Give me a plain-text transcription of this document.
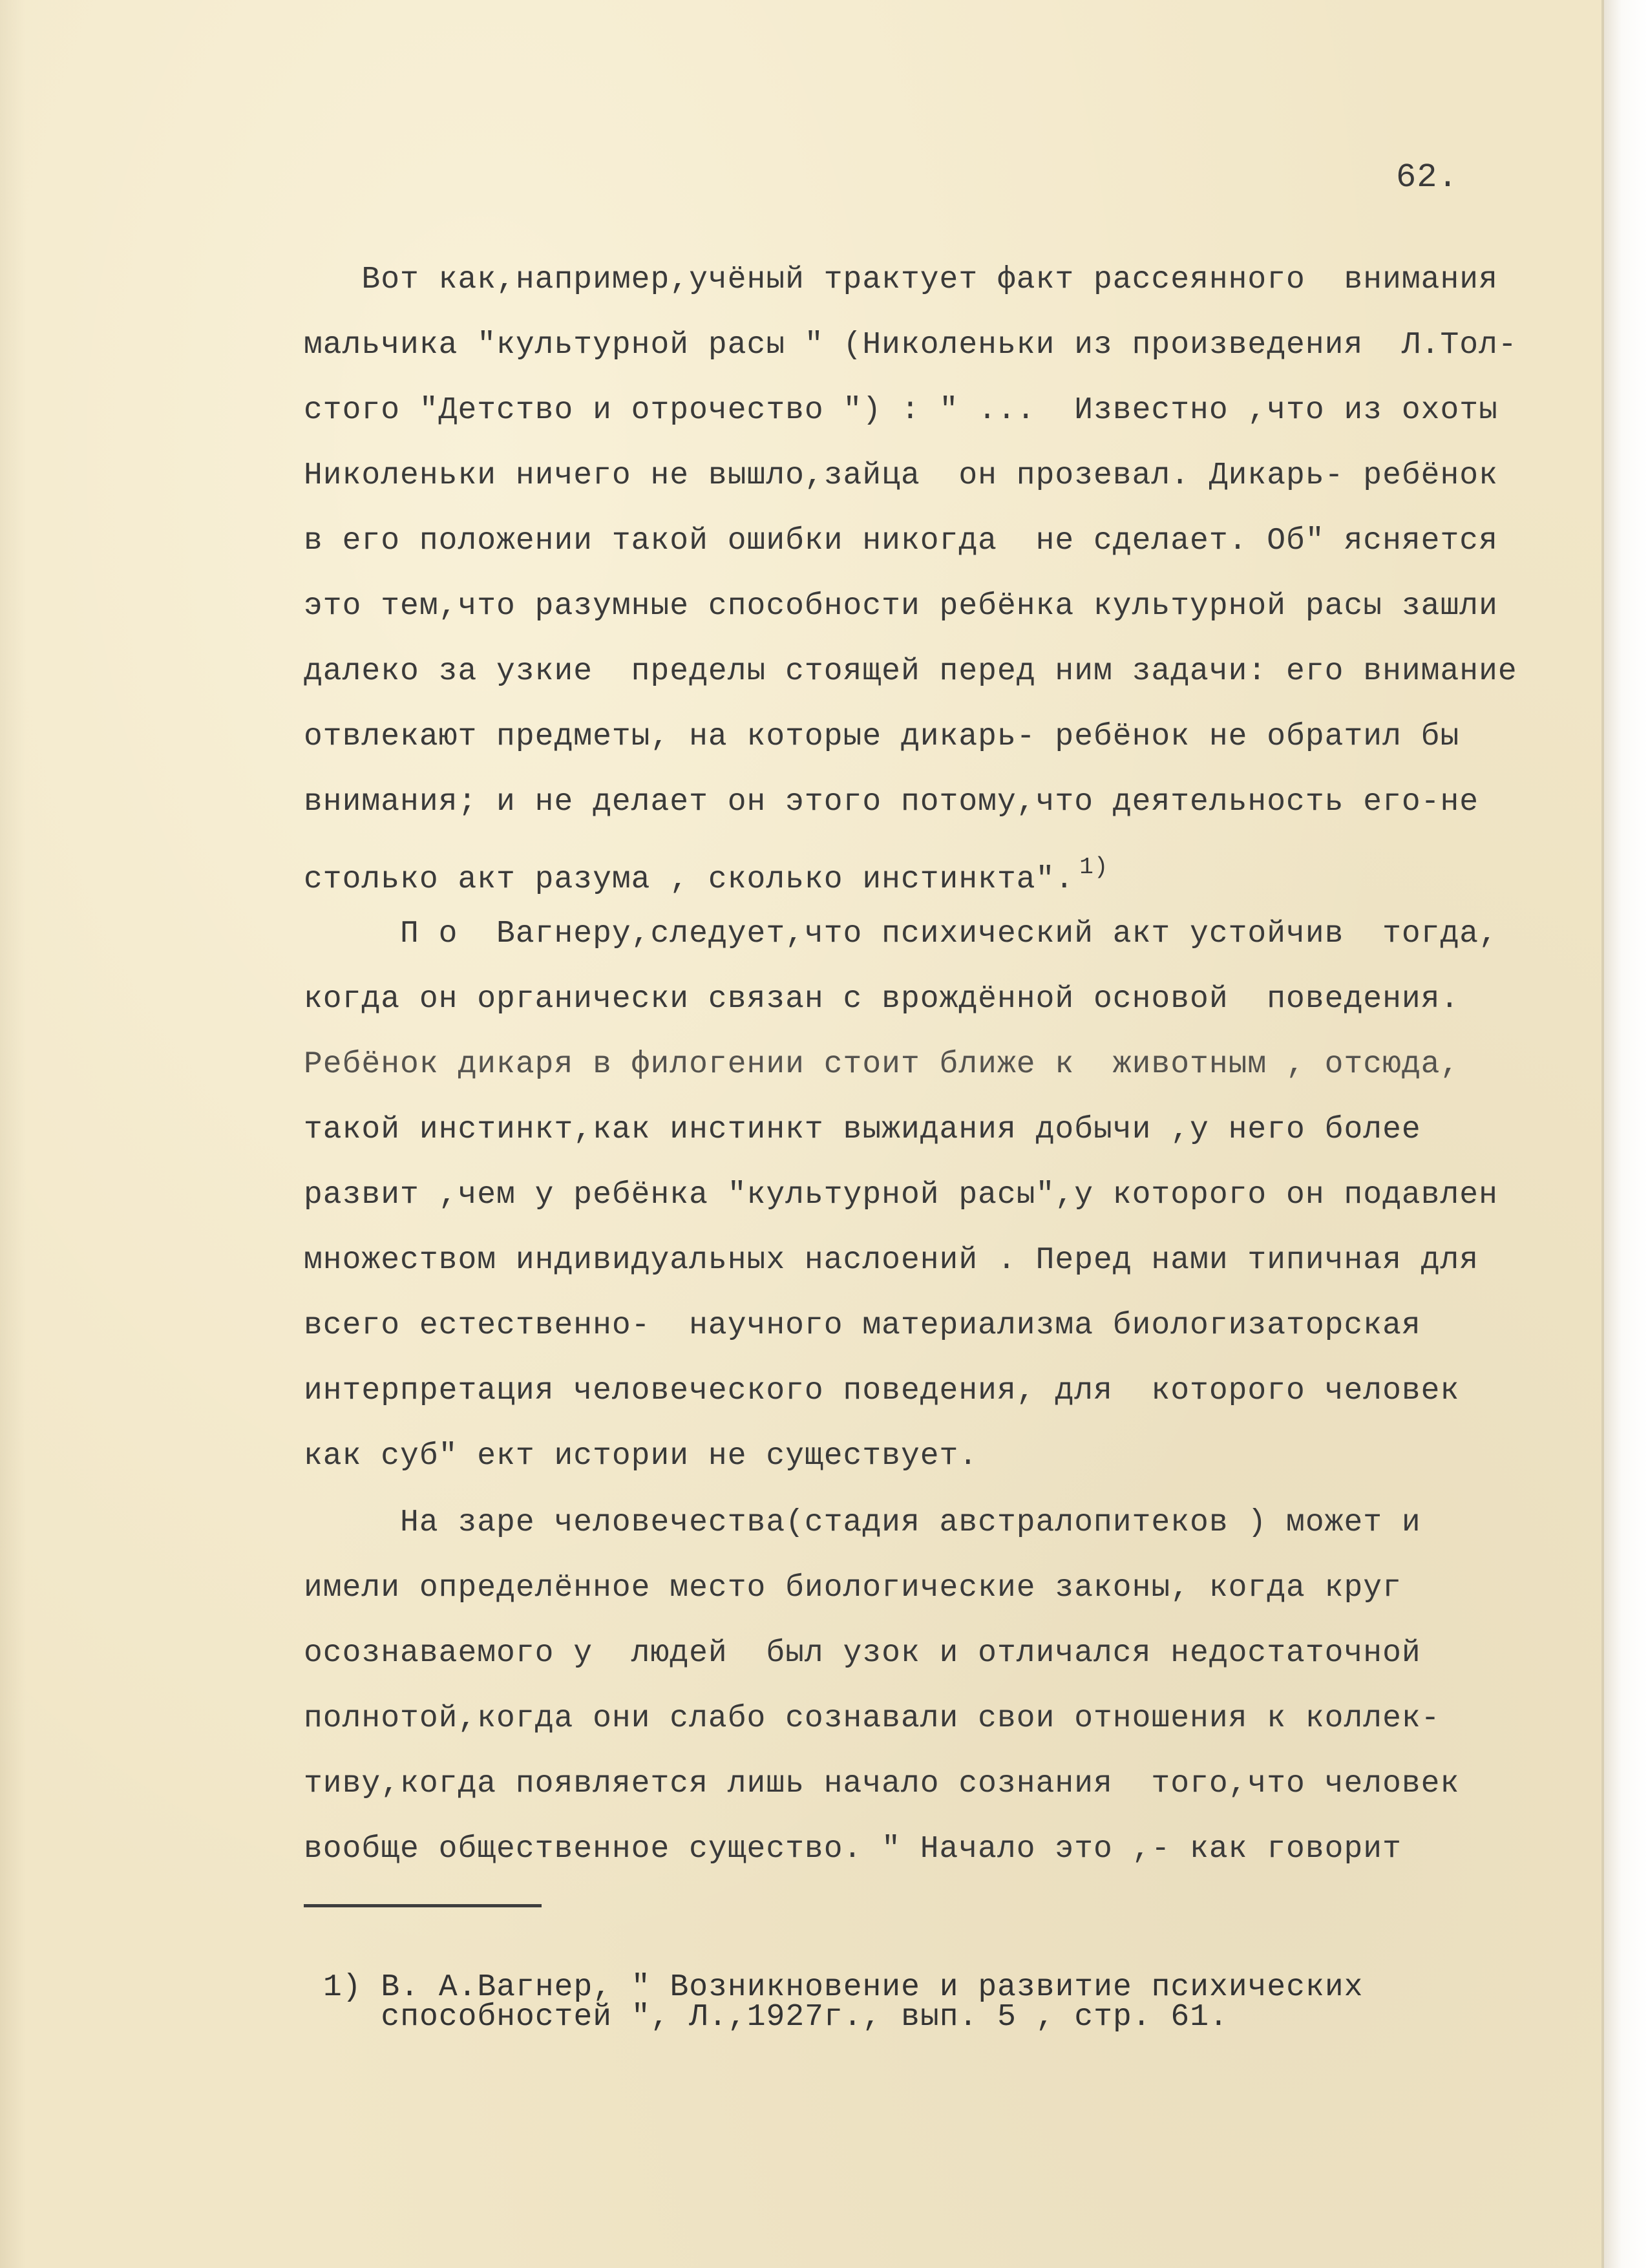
62.
Вот как,например,учёный трактует факт рассеянного  внимания
мальчика "культурной расы " (Николеньки из произведения  Л.Тол-
стого "Детство и отрочество ") : " ...  Известно ,что из охоты
Николеньки ничего не вышло,зайца  он прозевал. Дикарь- ребёнок
в его положении такой ошибки никогда  не сделает. Об" ясняется
это тем,что разумные способности ребёнка культурной расы зашли
далеко за узкие  пределы стоящей перед ним задачи: его внимание
отвлекают предметы, на которые дикарь- ребёнок не обратил бы
внимания; и не делает он этого потому,что деятельность его-не
столько акт разума , сколько инстинкта". $^{1)}$
П о  Вагнеру,следует,что психический акт устойчив  тогда,
когда он органически связан с врождённой основой  поведения.
Ребёнок дикаря в филогении стоит ближе к  животным , отсюда,
такой инстинкт,как инстинкт выжидания добычи ,у него более
развит ,чем у ребёнка "культурной расы",у которого он подавлен
множеством индивидуальных наслоений . Перед нами типичная для
всего естественно-  научного материализма биологизаторская
интерпретация человеческого поведения, для  которого человек
как суб" ект истории не существует.
На заре человечества(стадия австралопитеков ) может и
имели определённое место биологические законы, когда круг
осознаваемого у  людей  был узок и отличался недостаточной
полнотой,когда они слабо сознавали свои отношения к коллек-
тиву,когда появляется лишь начало сознания  того,что человек
вообще общественное существо. " Начало это ,- как говорит
1) В. А.Вагнер, " Возникновение и развитие психических
способностей ", Л.,1927г., вып. 5 , стр. 61.
